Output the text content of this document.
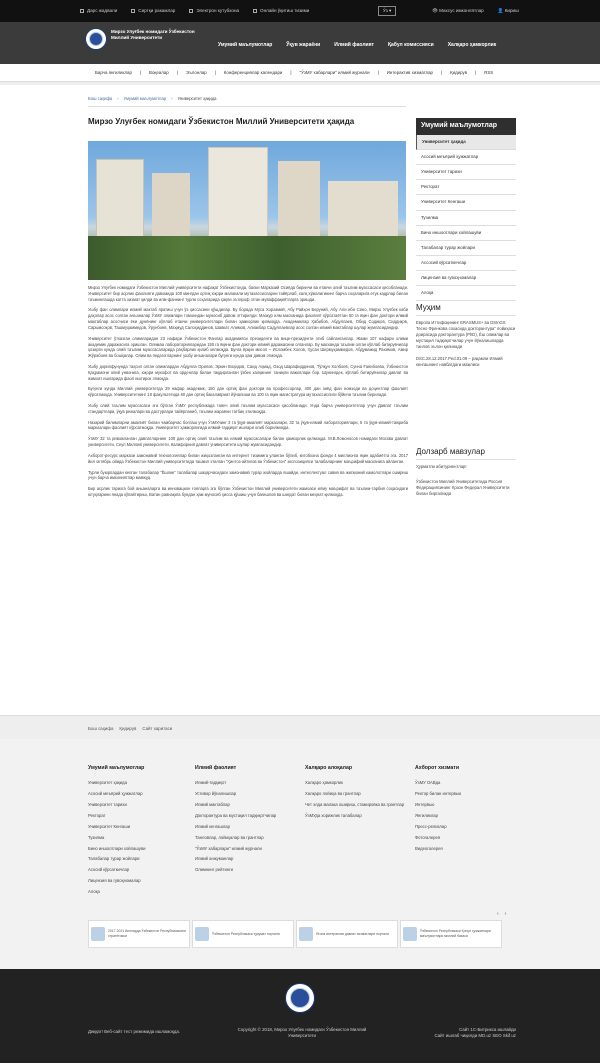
Дарс жадвали	Сиртқи ракамлар	Электрон кутубхона	Онлайн ўқитиш тизими	Ўз ▾	👁 Махсус имконлятлар	👤 Кириш
Мирзо Улуғбек номидаги Ўзбекистон Миллий Университети
Умумий маълумотлар	Ўқув жараёни	Илмий фаолият	Қабул комиссияси	Халқаро ҳамкорлик
Барча янгиликлар | Воқеалар | Эълонлар | Конференциялар календари | "ЎзМУ хабарлари" илмий журнали | Интерактив хизматлар | Қидирув | RSS
Бош саҳифа › Умумий маълумотлар › Университет ҳақида
Мирзо Улуғбек номидаги Ўзбекистон Миллий Университети ҳақида

Мирзо Улуғбек номидаги Ўзбекистон Миллий университети нафақат Ўзбекистонда, балки Марказий Осиёда биринчи ва етакчи олий таълим муассасаси ҳисобланади. Университет бир асрлик фаолияти давомида 100 мингдан ортиқ юқори малакали мутахассисларни тайёрлаб, халқ хўжалигининг барча соҳаларига етук кадрлар билан таъминлашда катта хизмат қилди ва илм-фаннинг турли соҳаларида ҳақли эътироф этган муваффақиятларга эришди.

Ушбу фан олимлари илмий мактаб яратиш учун ўз ҳиссасини қўшдилар. Бу борада Муса Хоразмий, Абу Райҳон Беруний, Абу Али ибн Сино, Мирзо Улуғбек каби даҳолар асос солган анъаналар ЎзМУ олимлари томонидан муносиб давом эттирилди. Мазкур илм масканида фаолият кўрсатаётган 50 га яқин фан доктори илмий мактаблар асосчиси ёки дунёнинг кўплаб етакчи университетлари билан ҳамкорлик қилмоқда. Академиклар Ҳабибов, Абдуллаев, Обид Содиқов, Сиддиқов, Сарымсоқов, Ташмуҳаммедов, Ўрунбоев, Маҳмуд Салоҳиддинов, Шавкат Алимов, Алиакбар Садуллаевлар асос солган илмий мактаблар шулар жумласидандир.

Университет ўтказган олимларидан 23 нафари Ўзбекистон Фанлар академияси президенти ва вице-президенти этиб сайланганлар. Жами 107 нафари олими академик даражасига эришган. Олимаа лабораторияларидан 150 га яқини фан доктори илмий даражасини олганлар. Бу масканда таълим олган кўплаб битирувчилар ҳозирги кунда олий таълим муассасаларида раҳбарлик қилиб келмоқда. Бунга ёрқин мисол – Исломбек Холов, Ҳусан Шермуҳаммедов, Абдумажид Рахимов, Амир Жўрабоев ва бошқалар. Олим ва педагогларнинг ушбу анъаналари бугунги кунда ҳам давом этмоқда.

Ушбу дорилфунунда таҳсил олган олимлардан Абдулла Орипов, Эркин Воҳидов, Саид Аҳмад, Озод Шарафиддинов, Тўлқун Холбоев, Сунна Ғанибоева, Ўзбекистон Қаҳрамони олий унвонига, юқори мукофот ва орденлар билан тақдирланган ўзбек халқининг таниқли вакиллари бор. Шунингдек, кўплаб битирувчилар давлат ва жамоат ишларида фаол иштирок этмоқда.

Бугунги кунда Миллий университетда 29 нафар академик, 150 дан ортиқ фан доктори ва профессорлар, 400 дан зиёд фан номзоди ва доцентлар фаолият кўрсатмоқда. Университетнинг 18 факультетида 60 дан ортиқ бакалавриат йўналиши ва 100 га яқин магистратура мутахассислиги бўйича таълим берилади.

Ушбу олий таълим муассасаси эга бўлган ЎзМУ республикада таянч олий таълим муассасаси ҳисобланади. Унда барча университетлар учун Давлат таълим стандартлари, ўқув режалари ва дастурлари тайёрланиб, таълим жараёни татбиқ этилмоқда.

Назарий билимларни амалиёт билан чамбарчас боғлаш учун ЎзМУнинг 3 та ўқув-амалиёт марказлари, 32 та ўқув-илмий лабораториялари, 5 та ўқув-илмий-тажриба марказлари фаолият кўрсатмоқда. Университет ҳамкорлигида илмий-тадқиқот ишлари олиб борилмоқда.

ЎзМУ 32 та ривожланган давлатларнинг 100 дан ортиқ олий таълим ва илмий муассасалари билан ҳамкорлик қилмоқда. М.В.Ломоносов номидаги Москва давлат университети, Сеул Миллий университети, Калифорния давлат университети шулар жумласидандир.

Ахборот-ресурс маркази замонавий технологиялар билан жиҳозланган ва интернет тизимига уланган бўлиб, китобхона фонди 4 миллионга яқин адабиётга эга. 2017 йил октябрь ойида Ўзбекистон Миллий университетида ташкил этилган "Ҳинтоз-айтиғов ва Ўзбекистон" экспозицияси талабаларнинг маърифий масканига айланган.

Турли буюрлардан келган талабалар "Ёшлик" талабалар шаҳарчасидаги замонавий турар жойларда яшайди, интеллектуал савия ва жисмоний камолотлари ошириш учун барча имкониятлар мавжуд.

Бир асрлик тарихга бой аньаналарга ва инновацион ғояларга эга бўлган Ўзбекистон Миллий университети жамоаси илму маърифат ва таълим-тарбия соҳасидаги ютуқларини янада кўпайтириш, Ватан равнақига бундан ҳам муносиб ҳисса қўшиш учун бағишлов ва шиҳҳат билан меҳнат қилмоқда.

Умумий маълумотлар
Университет ҳақида
Асосий меъёрий ҳужжатлар
Университет тарихи
Ректорат
Университет Кенгаши
Тузилма
Бино иншоотлари хойлашуви
Талабалар турар жойлари
Ассосий кўрсаткичлар
Лицензия ва гувоҳномалар
Алоқа
Муҳим
Европа Иттифоқининг ERASMUS+ ва DSInGS Тесно Френкова сохасида докторантура" лойиҳаси доирасида докторантура (PhD), Ёш олимлар ва мустақил тадқиқотчилар учун йўналишларда танлов эълон қилинади
DSC.28.12.2017.Ped.01.09 – рақамли Илмий кенгашнинг навбатдаги мажлиси
Долзарб мавзулар
Ҳурматли абитуриентлар!
Ўзбекистон Миллий Университетида Россия Федерациясининг Қозон Федерал Университети билан биргаликда
Бош саҳифа Қидирув Сайт харитаси
Умумий маълумотлар
Университет ҳақида
Асосий меъёрий ҳужжатлар
Университет тарихи
Ректорат
Университет Кенгаши
Тузилма
Бино иншоотлари хойлашуви
Талабалар турар жойлари
Асосий кўрсаткичлар
Лицензия ва гувоҳномалар
Алоқа
Илмий фаолият
Илмий-тадқиқот
Устивор йўналишлар
Илмий мактаблар
Докторантура ва мустақил тадқиқотчилар
Илмий кенгашлар
Танловлар, лойиҳалар ва грантлар
"ЎзМУ хабарлари" илмий журнали
Илмий анжуманлар
Олимнинг рейтинги
Халқаро алоқалар
Халқаро ҳамкорлик
Халқаро лойиҳа ва грантлар
Чет элда малака ошириш, стажировка ва грантлар
ЎзМУда хорижлик талабалар
Ахборот хизмати
ЎзМУ ОАВда
Ректор билан интервью
Интервью
Янгиликлар
Пресс-релизлар
Фотогалерея
Видеогалерея
‹ ›
2017-2021 йилларда Ўзбекистон Республикасини стратегияси
Ўзбекистон Республикаси ҳукумат портали	Ягона интерактив давлат хизматлари портали
Ўзбекистон Республикаси Қонун ҳужжатлари маълумотлари миллий базаси
Диққат! Веб-сайт тест режимида ишламоқда.	Copyright © 2018, Мирзо Улуғбек номидаги Ўзбекистон Миллий Университети
Сайт 1С-Битрикса ишлайди
Сайт ишлаб чиқилди MD.uz SEO Skif.uz
